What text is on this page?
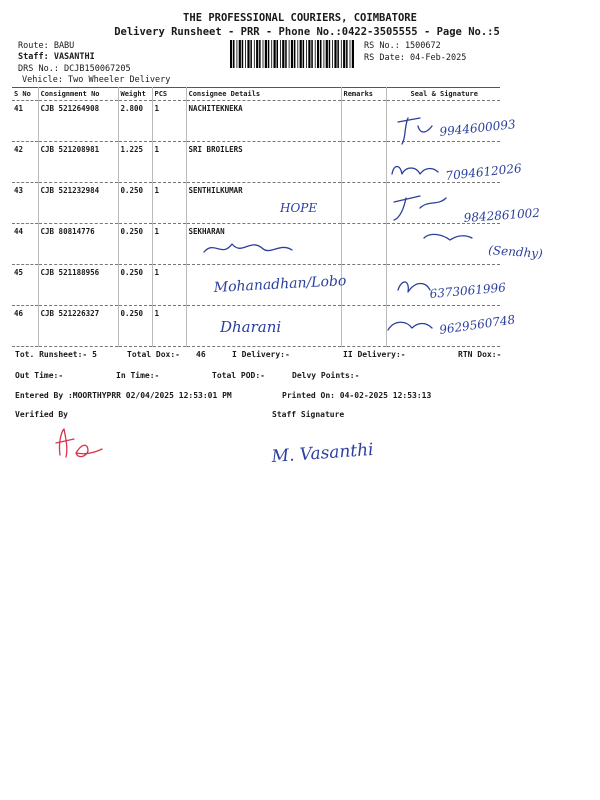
THE PROFESSIONAL COURIERS, COIMBATORE
Delivery Runsheet - PRR - Phone No.:0422-3505555 - Page No.:5
Route: BABU
Staff: VASANTHI
DRS No.: DCJB150067205
Vehicle: Two Wheeler Delivery
RS No.: 1500672
RS Date: 04-Feb-2025
S No	Consignment No	Weight	PCS	Consignee Details	Remarks	Seal & Signature
41	CJB 521264908	2.800	1	NACHITEKNEKA		
42	CJB 521208981	1.225	1	SRI BROILERS		
43	CJB 521232984	0.250	1	SENTHILKUMAR		
44	CJB 80814776	0.250	1	SEKHARAN		
45	CJB 521188956	0.250	1			
46	CJB 521226327	0.250	1			
9944600093
7094612026
9842861002
(Sendhy)
6373061996
9629560748
HOPE
Mohanadhan/Lobo
Dharani
Tot. Runsheet:- 5	Total Dox:- 46	I Delivery:-	II Delivery:-	RTN Dox:-
Out Time:-	In Time:-	Total POD:-	Delvy Points:-
Entered By :MOORTHYPRR 02/04/2025 12:53:01 PM	Printed On: 04-02-2025 12:53:13
Verified By	Staff Signature
M. Vasanthi
